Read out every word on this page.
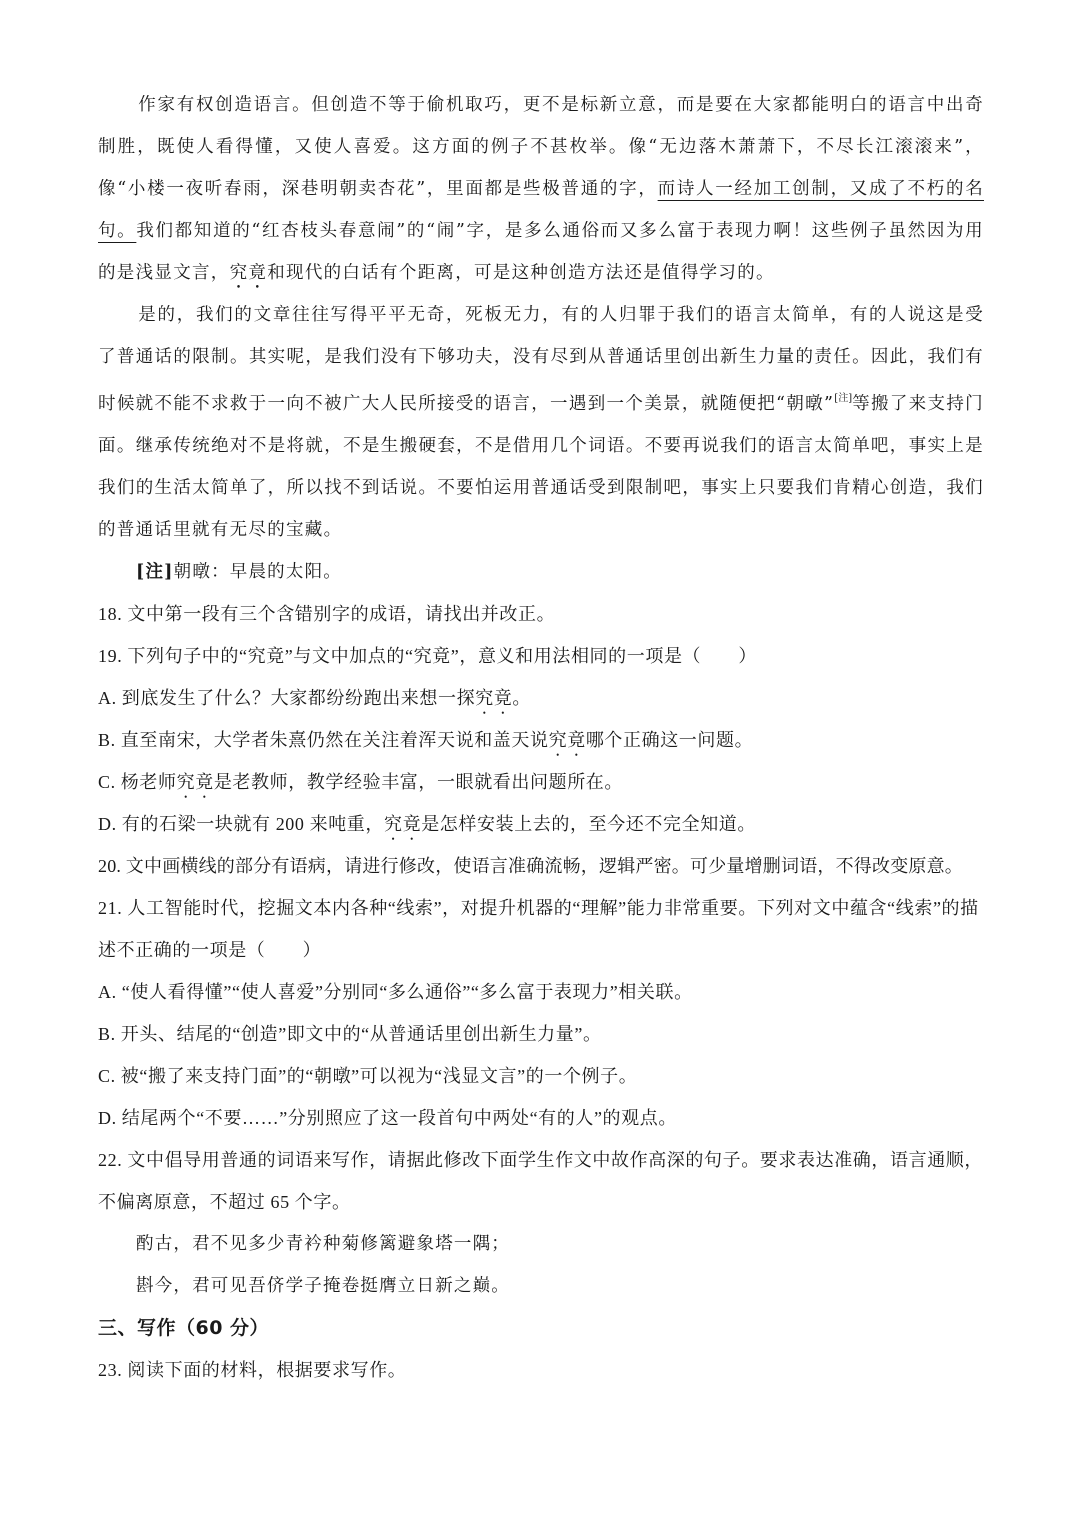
作家有权创造语言。但创造不等于偷机取巧，更不是标新立意，而是要在大家都能明白的语言中出奇制胜，既使人看得懂，又使人喜爱。这方面的例子不甚枚举。像“无边落木萧萧下，不尽长江滚滚来”，像“小楼一夜听春雨，深巷明朝卖杏花”，里面都是些极普通的字，而诗人一经加工创制，又成了不朽的名句。我们都知道的“红杏枝头春意闹”的“闹”字，是多么通俗而又多么富于表现力啊！这些例子虽然因为用的是浅显文言，究竟和现代的白话有个距离，可是这种创造方法还是值得学习的。

是的，我们的文章往往写得平平无奇，死板无力，有的人归罪于我们的语言太简单，有的人说这是受了普通话的限制。其实呢，是我们没有下够功夫，没有尽到从普通话里创出新生力量的责任。因此，我们有时候就不能不求救于一向不被广大人民所接受的语言，一遇到一个美景，就随便把“朝暾”[注]等搬了来支持门面。继承传统绝对不是将就，不是生搬硬套，不是借用几个词语。不要再说我们的语言太简单吧，事实上是我们的生活太简单了，所以找不到话说。不要怕运用普通话受到限制吧，事实上只要我们肯精心创造，我们的普通话里就有无尽的宝藏。

[注]朝暾：早晨的太阳。

18. 文中第一段有三个含错别字的成语，请找出并改正。

19. 下列句子中的“究竟”与文中加点的“究竟”，意义和用法相同的一项是（　　）

A. 到底发生了什么？大家都纷纷跑出来想一探究竟。

B. 直至南宋，大学者朱熹仍然在关注着浑天说和盖天说究竟哪个正确这一问题。

C. 杨老师究竟是老教师，教学经验丰富，一眼就看出问题所在。

D. 有的石梁一块就有 200 来吨重，究竟是怎样安装上去的，至今还不完全知道。

20. 文中画横线的部分有语病，请进行修改，使语言准确流畅，逻辑严密。可少量增删词语，不得改变原意。

21. 人工智能时代，挖掘文本内各种“线索”，对提升机器的“理解”能力非常重要。下列对文中蕴含“线索”的描述不正确的一项是（　　）

A. “使人看得懂”“使人喜爱”分别同“多么通俗”“多么富于表现力”相关联。

B. 开头、结尾的“创造”即文中的“从普通话里创出新生力量”。

C. 被“搬了来支持门面”的“朝暾”可以视为“浅显文言”的一个例子。

D. 结尾两个“不要……”分别照应了这一段首句中两处“有的人”的观点。

22. 文中倡导用普通的词语来写作，请据此修改下面学生作文中故作高深的句子。要求表达准确，语言通顺，不偏离原意，不超过 65 个字。

酌古，君不见多少青衿种菊修篱避象塔一隅；

斟今，君可见吾侪学子掩卷挺膺立日新之巅。

三、写作（60 分）

23. 阅读下面的材料，根据要求写作。
